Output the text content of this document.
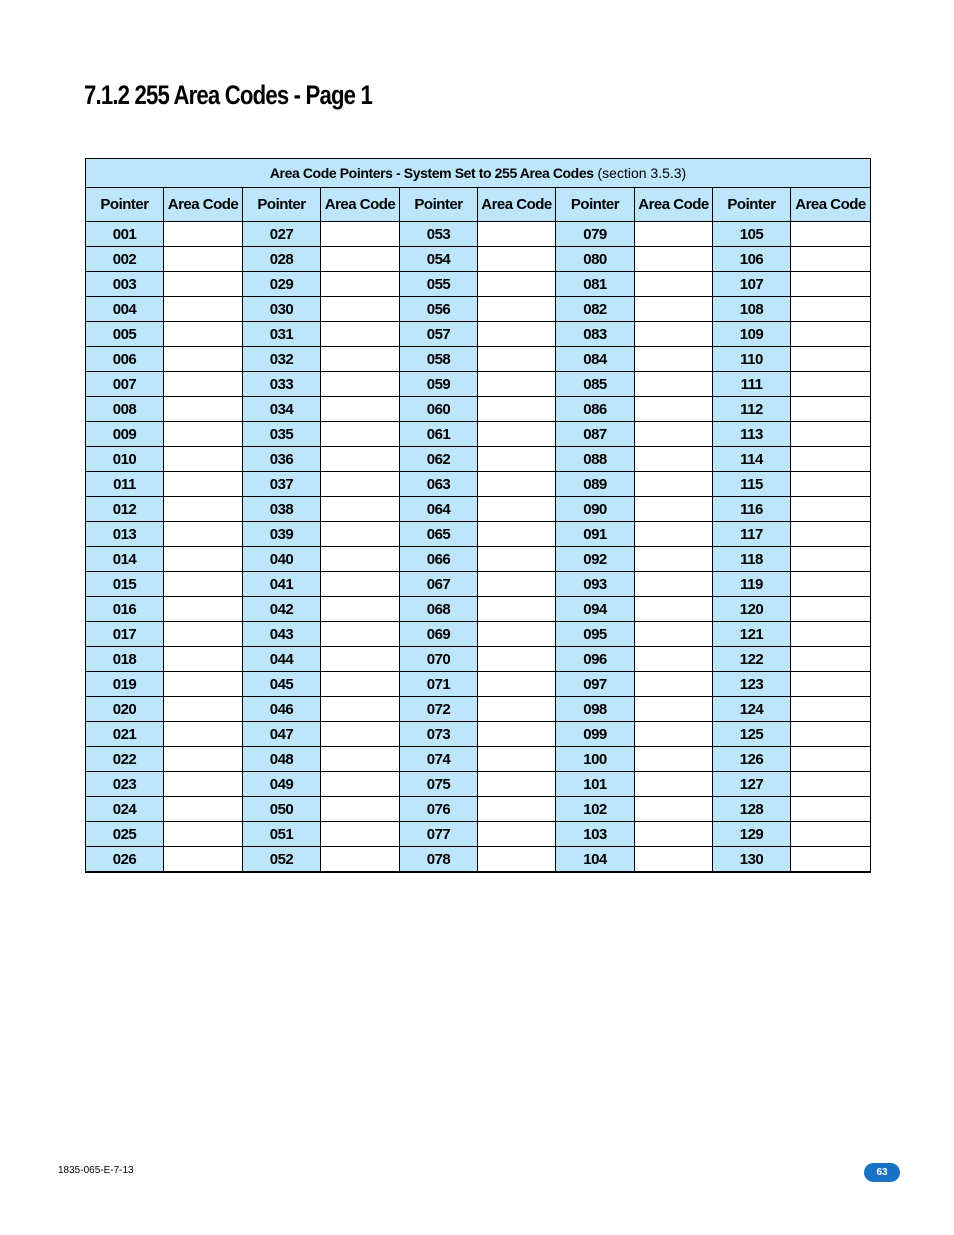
7.1.2 255 Area Codes - Page 1
Area Code Pointers - System Set to 255 Area Codes (section 3.5.3)									
Pointer	Area Code	Pointer	Area Code	Pointer	Area Code	Pointer	Area Code	Pointer	Area Code
001		027		053		079		105	
002		028		054		080		106	
003		029		055		081		107	
004		030		056		082		108	
005		031		057		083		109	
006		032		058		084		110	
007		033		059		085		111	
008		034		060		086		112	
009		035		061		087		113	
010		036		062		088		114	
011		037		063		089		115	
012		038		064		090		116	
013		039		065		091		117	
014		040		066		092		118	
015		041		067		093		119	
016		042		068		094		120	
017		043		069		095		121	
018		044		070		096		122	
019		045		071		097		123	
020		046		072		098		124	
021		047		073		099		125	
022		048		074		100		126	
023		049		075		101		127	
024		050		076		102		128	
025		051		077		103		129	
026		052		078		104		130	
1835-065-E-7-13	63
